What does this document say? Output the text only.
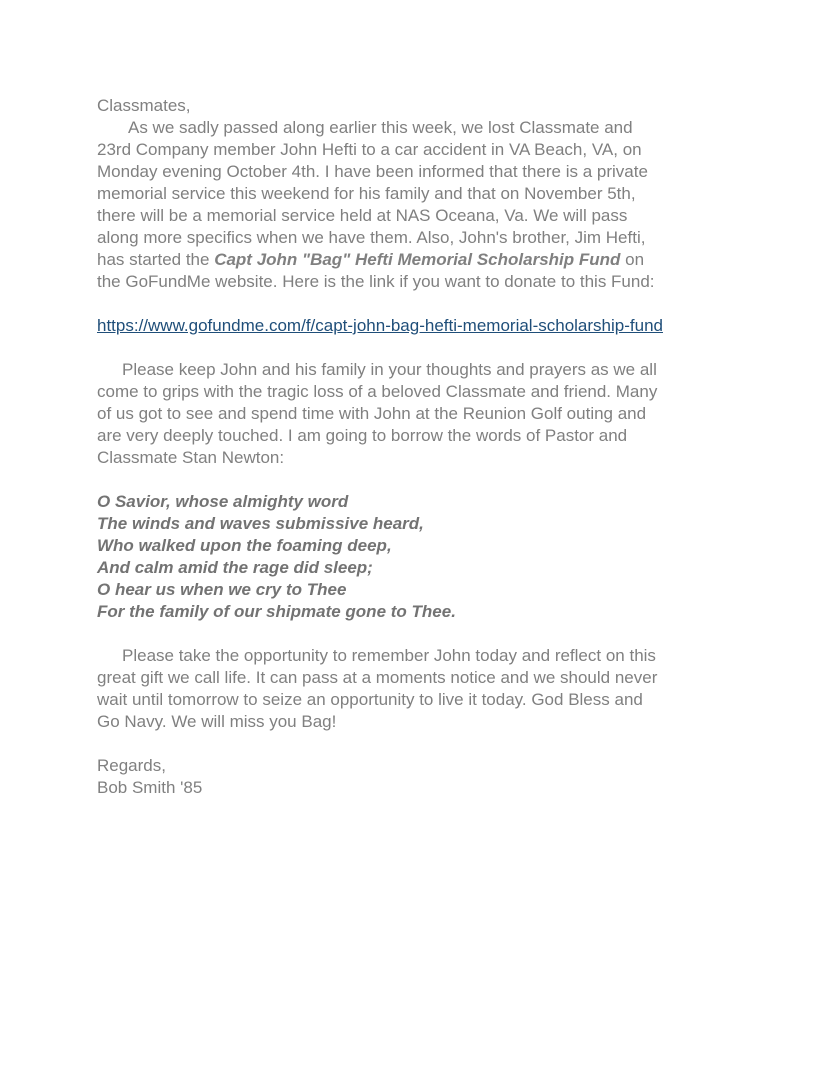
Classmates,
As we sadly passed along earlier this week, we lost Classmate and
23rd Company member John Hefti to a car accident in VA Beach, VA, on
Monday evening October 4th. I have been informed that there is a private
memorial service this weekend for his family and that on November 5th,
there will be a memorial service held at NAS Oceana, Va. We will pass
along more specifics when we have them. Also, John's brother, Jim Hefti,
has started the Capt John "Bag" Hefti Memorial Scholarship Fund on
the GoFundMe website. Here is the link if you want to donate to this Fund:
https://www.gofundme.com/f/capt-john-bag-hefti-memorial-scholarship-fund
Please keep John and his family in your thoughts and prayers as we all
come to grips with the tragic loss of a beloved Classmate and friend. Many
of us got to see and spend time with John at the Reunion Golf outing and
are very deeply touched. I am going to borrow the words of Pastor and
Classmate Stan Newton:
O Savior, whose almighty word
The winds and waves submissive heard,
Who walked upon the foaming deep,
And calm amid the rage did sleep;
O hear us when we cry to Thee
For the family of our shipmate gone to Thee.
Please take the opportunity to remember John today and reflect on this
great gift we call life. It can pass at a moments notice and we should never
wait until tomorrow to seize an opportunity to live it today. God Bless and
Go Navy. We will miss you Bag!
Regards,
Bob Smith '85
